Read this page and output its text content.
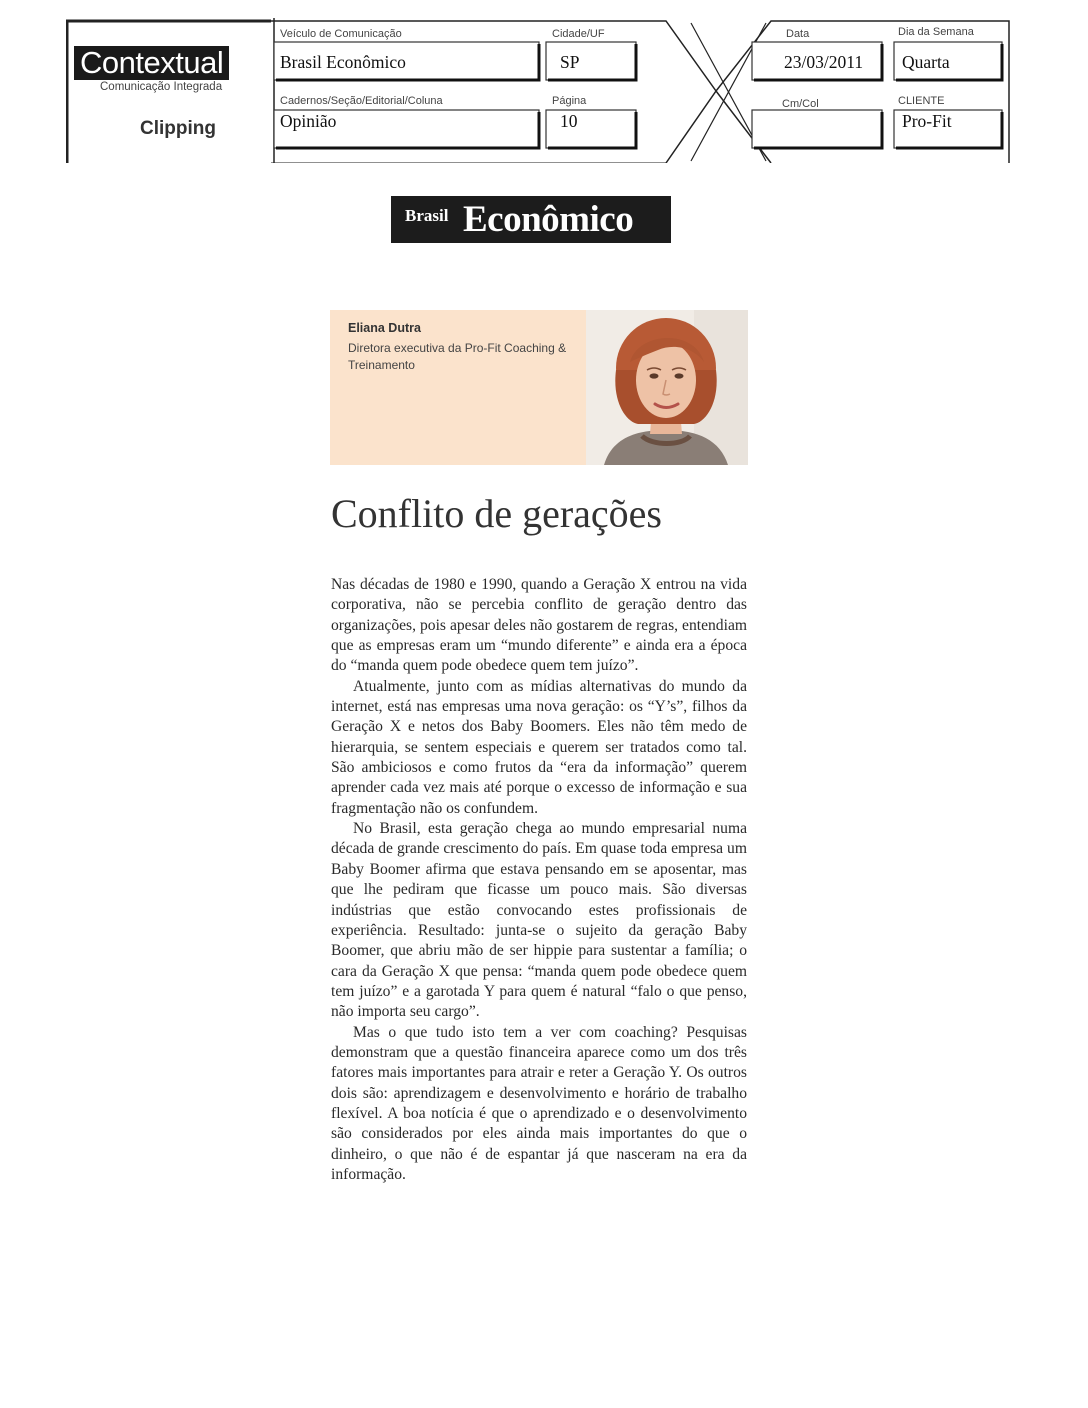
Contextual
Comunicação Integrada
Clipping
Veículo de Comunicação
Brasil Econômico
Cidade/UF
SP
Data
23/03/2011
Dia da Semana
Quarta
Cadernos/Seção/Editorial/Coluna
Opinião
Página
10
Cm/Col	CLIENTE
Pro-Fit
Brasil Econômico
Eliana Dutra
Diretora executiva da Pro-Fit Coaching & Treinamento
Conflito de gerações

Nas décadas de 1980 e 1990, quando a Geração X entrou na vida corporativa, não se percebia conflito de geração dentro das organizações, pois apesar deles não gostarem de regras, entendiam que as empresas eram um “mundo diferente” e ainda era a época do “manda quem pode obedece quem tem juízo”.

Atualmente, junto com as mídias alternativas do mundo da internet, está nas empresas uma nova geração: os “Y’s”, filhos da Geração X e netos dos Baby Boomers. Eles não têm medo de hierarquia, se sentem especiais e querem ser tratados como tal. São ambiciosos e como frutos da “era da informação” querem aprender cada vez mais até porque o excesso de informação e sua fragmentação não os confundem.

No Brasil, esta geração chega ao mundo empresarial numa década de grande crescimento do país. Em quase toda empresa um Baby Boomer afirma que estava pensando em se aposentar, mas que lhe pediram que ficasse um pouco mais. São diversas indústrias que estão convocando estes profissionais de experiência. Resultado: junta-se o sujeito da geração Baby Boomer, que abriu mão de ser hippie para sustentar a família; o cara da Geração X que pensa: “manda quem pode obedece quem tem juízo” e a garotada Y para quem é natural “falo o que penso, não importa seu cargo”.

Mas o que tudo isto tem a ver com coaching? Pesquisas demonstram que a questão financeira aparece como um dos três fatores mais importantes para atrair e reter a Geração Y. Os outros dois são: aprendizagem e desenvolvimento e horário de trabalho flexível. A boa notícia é que o aprendizado e o desenvolvimento são considerados por eles ainda mais importantes do que o dinheiro, o que não é de espantar já que nasceram na era da informação.
